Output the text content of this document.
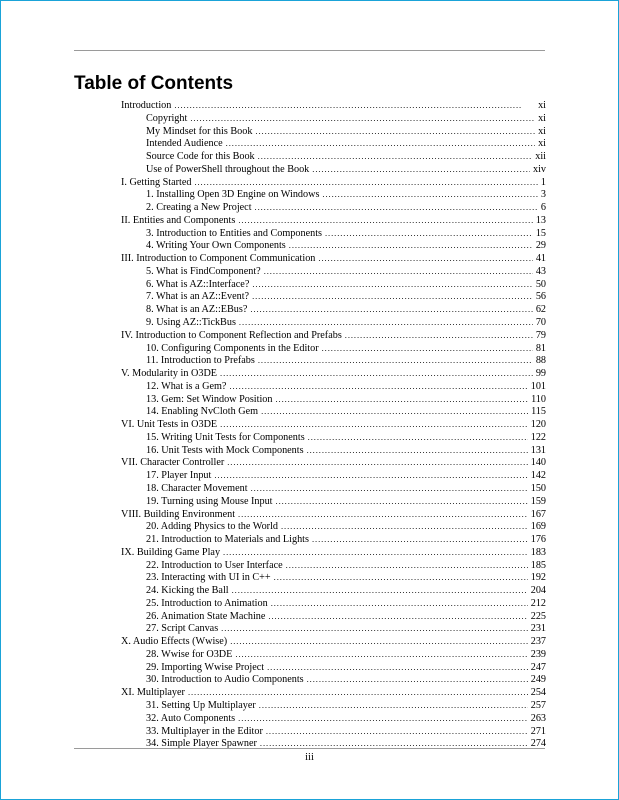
Table of Contents
Introduction . . .	xi
Copyright . . .	xi
My Mindset for this Book . . .	xi
Intended Audience . . .	xi
Source Code for this Book . . .	xii
Use of PowerShell throughout the Book . . .	xiv
I. Getting Started . . .	1
1. Installing Open 3D Engine on Windows . . .	3
2. Creating a New Project . . .	6
II. Entities and Components . . .	13
3. Introduction to Entities and Components . . .	15
4. Writing Your Own Components . . .	29
III. Introduction to Component Communication . . .	41
5. What is FindComponent? . . .	43
6. What is AZ::Interface? . . .	50
7. What is an AZ::Event? . . .	56
8. What is an AZ::EBus? . . .	62
9. Using AZ::TickBus . . .	70
IV. Introduction to Component Reflection and Prefabs . . .	79
10. Configuring Components in the Editor . . .	81
11. Introduction to Prefabs . . .	88
V. Modularity in O3DE . . .	99
12. What is a Gem? . . .	101
13. Gem: Set Window Position . . .	110
14. Enabling NvCloth Gem . . .	115
VI. Unit Tests in O3DE . . .	120
15. Writing Unit Tests for Components . . .	122
16. Unit Tests with Mock Components . . .	131
VII. Character Controller . . .	140
17. Player Input . . .	142
18. Character Movement . . .	150
19. Turning using Mouse Input . . .	159
VIII. Building Environment . . .	167
20. Adding Physics to the World . . .	169
21. Introduction to Materials and Lights . . .	176
IX. Building Game Play . . .	183
22. Introduction to User Interface . . .	185
23. Interacting with UI in C++ . . .	192
24. Kicking the Ball . . .	204
25. Introduction to Animation . . .	212
26. Animation State Machine . . .	225
27. Script Canvas . . .	231
X. Audio Effects (Wwise) . . .	237
28. Wwise for O3DE . . .	239
29. Importing Wwise Project . . .	247
30. Introduction to Audio Components . . .	249
XI. Multiplayer . . .	254
31. Setting Up Multiplayer . . .	257
32. Auto Components . . .	263
33. Multiplayer in the Editor . . .	271
34. Simple Player Spawner . . .	274
iii
